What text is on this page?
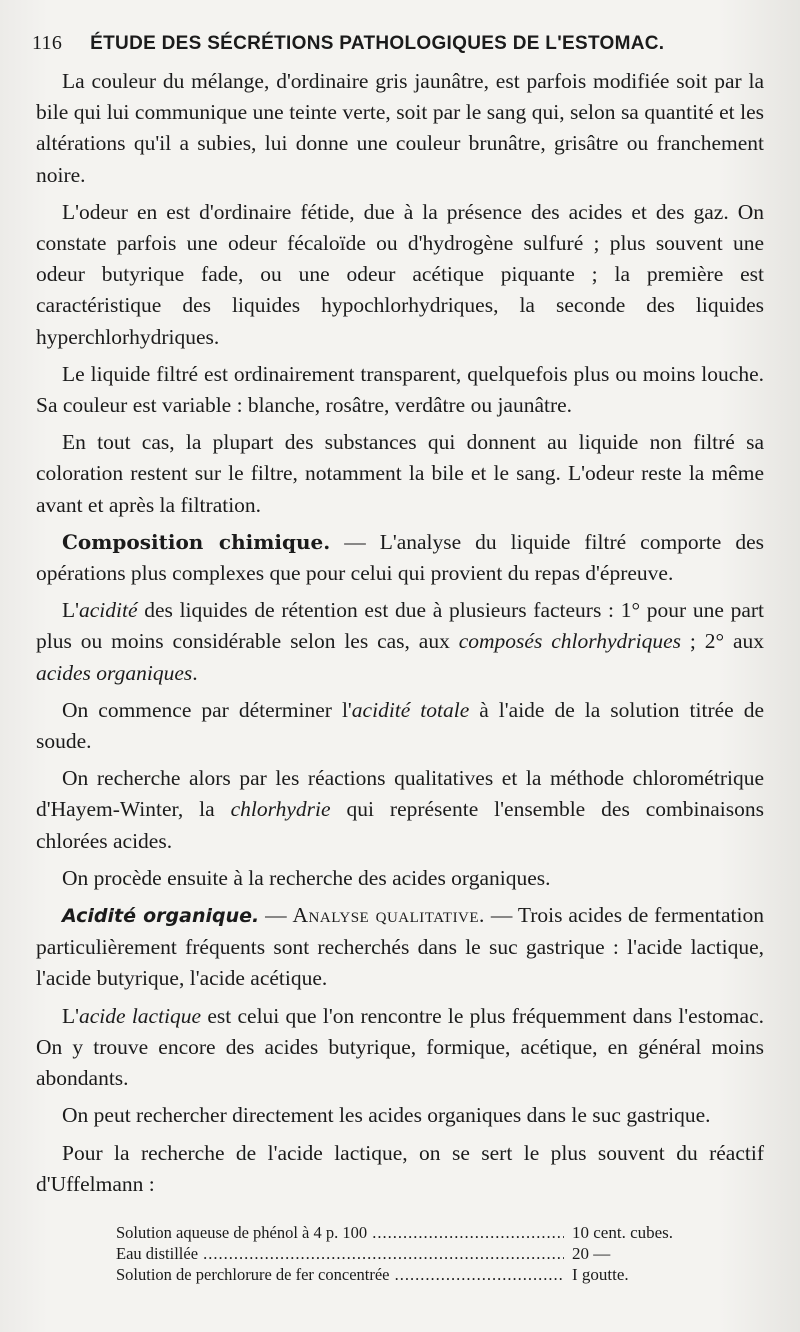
116 ÉTUDE DES SÉCRÉTIONS PATHOLOGIQUES DE L'ESTOMAC.

La couleur du mélange, d'ordinaire gris jaunâtre, est parfois modifiée soit par la bile qui lui communique une teinte verte, soit par le sang qui, selon sa quantité et les altérations qu'il a subies, lui donne une couleur brunâtre, grisâtre ou franchement noire.

L'odeur en est d'ordinaire fétide, due à la présence des acides et des gaz. On constate parfois une odeur fécaloïde ou d'hydrogène sulfuré ; plus souvent une odeur butyrique fade, ou une odeur acétique piquante ; la première est caractéristique des liquides hypochlorhydriques, la seconde des liquides hyperchlorhydriques.

Le liquide filtré est ordinairement transparent, quelquefois plus ou moins louche. Sa couleur est variable : blanche, rosâtre, verdâtre ou jaunâtre.

En tout cas, la plupart des substances qui donnent au liquide non filtré sa coloration restent sur le filtre, notamment la bile et le sang. L'odeur reste la même avant et après la filtration.

Composition chimique. — L'analyse du liquide filtré comporte des opérations plus complexes que pour celui qui provient du repas d'épreuve.

L'acidité des liquides de rétention est due à plusieurs facteurs : 1° pour une part plus ou moins considérable selon les cas, aux composés chlorhydriques ; 2° aux acides organiques.

On commence par déterminer l'acidité totale à l'aide de la solution titrée de soude.

On recherche alors par les réactions qualitatives et la méthode chlorométrique d'Hayem-Winter, la chlorhydrie qui représente l'ensemble des combinaisons chlorées acides.

On procède ensuite à la recherche des acides organiques.

Acidité organique. — Analyse qualitative. — Trois acides de fermentation particulièrement fréquents sont recherchés dans le suc gastrique : l'acide lactique, l'acide butyrique, l'acide acétique.

L'acide lactique est celui que l'on rencontre le plus fréquemment dans l'estomac. On y trouve encore des acides butyrique, formique, acétique, en général moins abondants.

On peut rechercher directement les acides organiques dans le suc gastrique.

Pour la recherche de l'acide lactique, on se sert le plus souvent du réactif d'Uffelmann :

Solution aqueuse de phénol à 4 p. 100 .....	10 cent. cubes.
Eau distillée .....	20 —
Solution de perchlorure de fer concentrée .....	I goutte.
